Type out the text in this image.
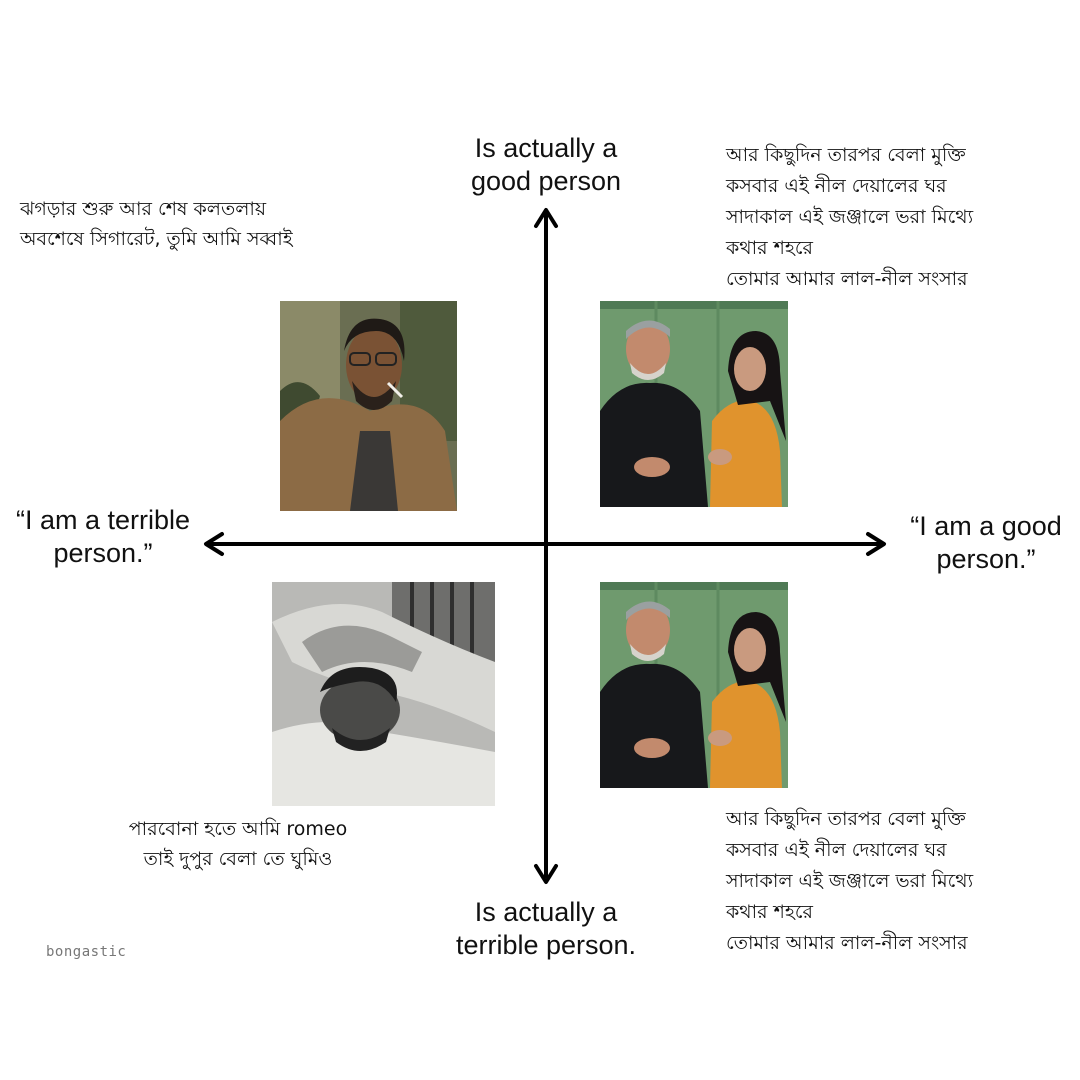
Is actually a
good person
Is actually a
terrible person.
“I am a terrible
person.”
“I am a good
person.”
ঝগড়ার শুরু আর শেষ কলতলায়
অবশেষে সিগারেট, তুমি আমি সব্বাই
আর কিছুদিন তারপর বেলা মুক্তি
কসবার এই নীল দেয়ালের ঘর
সাদাকাল এই জঞ্জালে ভরা মিথ্যে
কথার শহরে
তোমার আমার লাল-নীল সংসার
পারবোনা হতে আমি romeo
তাই দুপুর বেলা তে ঘুমিও
আর কিছুদিন তারপর বেলা মুক্তি
কসবার এই নীল দেয়ালের ঘর
সাদাকাল এই জঞ্জালে ভরা মিথ্যে
কথার শহরে
তোমার আমার লাল-নীল সংসার
bongastic
